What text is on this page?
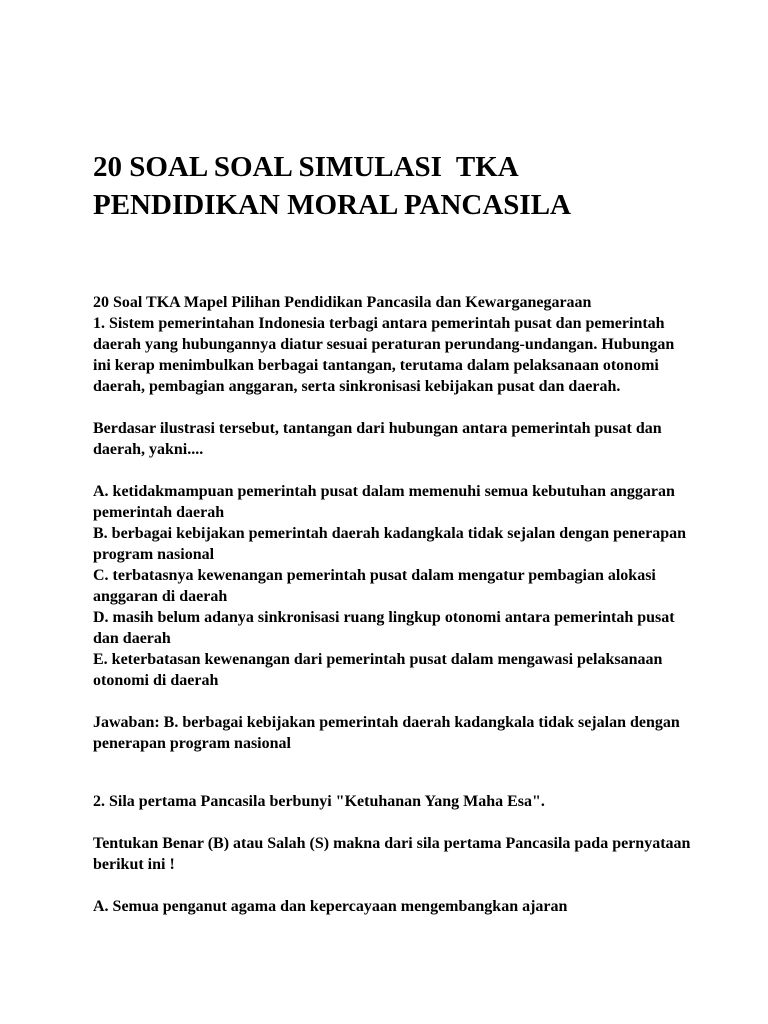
20 SOAL SOAL SIMULASI  TKA
PENDIDIKAN MORAL PANCASILA

20 Soal TKA Mapel Pilihan Pendidikan Pancasila dan Kewarganegaraan

1. Sistem pemerintahan Indonesia terbagi antara pemerintah pusat dan pemerintah daerah yang hubungannya diatur sesuai peraturan perundang-undangan. Hubungan ini kerap menimbulkan berbagai tantangan, terutama dalam pelaksanaan otonomi daerah, pembagian anggaran, serta sinkronisasi kebijakan pusat dan daerah.

Berdasar ilustrasi tersebut, tantangan dari hubungan antara pemerintah pusat dan daerah, yakni....

A. ketidakmampuan pemerintah pusat dalam memenuhi semua kebutuhan anggaran pemerintah daerah

B. berbagai kebijakan pemerintah daerah kadangkala tidak sejalan dengan penerapan program nasional

C. terbatasnya kewenangan pemerintah pusat dalam mengatur pembagian alokasi anggaran di daerah

D. masih belum adanya sinkronisasi ruang lingkup otonomi antara pemerintah pusat dan daerah

E. keterbatasan kewenangan dari pemerintah pusat dalam mengawasi pelaksanaan otonomi di daerah

Jawaban: B. berbagai kebijakan pemerintah daerah kadangkala tidak sejalan dengan penerapan program nasional

2. Sila pertama Pancasila berbunyi "Ketuhanan Yang Maha Esa".

Tentukan Benar (B) atau Salah (S) makna dari sila pertama Pancasila pada pernyataan berikut ini !

A. Semua penganut agama dan kepercayaan mengembangkan ajaran
